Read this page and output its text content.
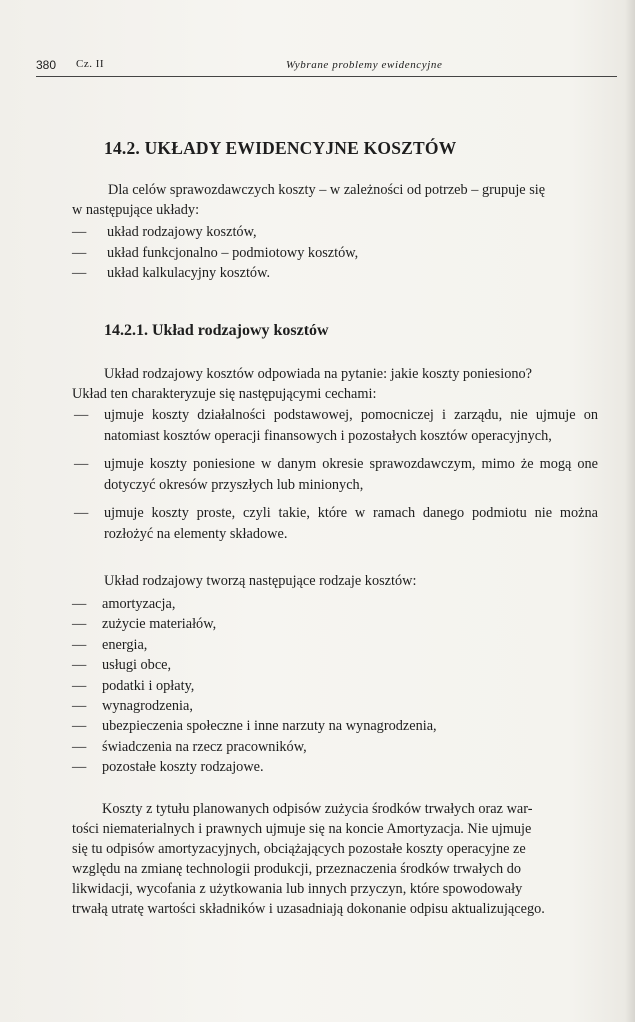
380 Cz. II	Wybrane problemy ewidencyjne
14.2. UKŁADY EWIDENCYJNE KOSZTÓW
Dla celów sprawozdawczych koszty – w zależności od potrzeb – grupuje się
w następujące układy:
— układ rodzajowy kosztów,
— układ funkcjonalno – podmiotowy kosztów,
— układ kalkulacyjny kosztów.
14.2.1. Układ rodzajowy kosztów
Układ rodzajowy kosztów odpowiada na pytanie: jakie koszty poniesiono?
Układ ten charakteryzuje się następującymi cechami:
— ujmuje koszty działalności podstawowej, pomocniczej i zarządu, nie ujmuje on natomiast kosztów operacji finansowych i pozostałych kosztów operacyjnych,
— ujmuje koszty poniesione w danym okresie sprawozdawczym, mimo że mogą one dotyczyć okresów przyszłych lub minionych,
— ujmuje koszty proste, czyli takie, które w ramach danego podmiotu nie można rozłożyć na elementy składowe.
Układ rodzajowy tworzą następujące rodzaje kosztów:
— amortyzacja,
— zużycie materiałów,
— energia,
— usługi obce,
— podatki i opłaty,
— wynagrodzenia,
— ubezpieczenia społeczne i inne narzuty na wynagrodzenia,
— świadczenia na rzecz pracowników,
— pozostałe koszty rodzajowe.
Koszty z tytułu planowanych odpisów zużycia środków trwałych oraz war-
tości niematerialnych i prawnych ujmuje się na koncie Amortyzacja. Nie ujmuje
się tu odpisów amortyzacyjnych, obciążających pozostałe koszty operacyjne ze
względu na zmianę technologii produkcji, przeznaczenia środków trwałych do
likwidacji, wycofania z użytkowania lub innych przyczyn, które spowodowały
trwałą utratę wartości składników i uzasadniają dokonanie odpisu aktualizującego.
